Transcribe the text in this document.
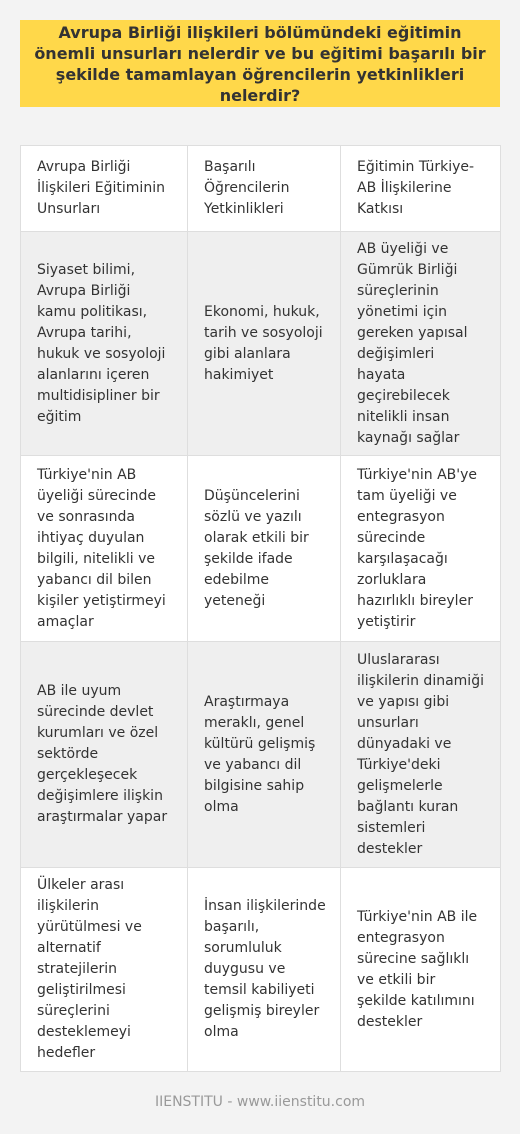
Avrupa Birliği ilişkileri bölümündeki eğitimin önemli unsurları nelerdir ve bu eğitimi başarılı bir şekilde tamamlayan öğrencilerin yetkinlikleri nelerdir?
Avrupa Birliği İlişkileri Eğitiminin Unsurları	Başarılı Öğrencilerin Yetkinlikleri	Eğitimin Türkiye-AB İlişkilerine Katkısı
Siyaset bilimi, Avrupa Birliği kamu politikası, Avrupa tarihi, hukuk ve sosyoloji alanlarını içeren multidisipliner bir eğitim	Ekonomi, hukuk, tarih ve sosyoloji gibi alanlara hakimiyet	AB üyeliği ve Gümrük Birliği süreçlerinin yönetimi için gereken yapısal değişimleri hayata geçirebilecek nitelikli insan kaynağı sağlar
Türkiye'nin AB üyeliği sürecinde ve sonrasında ihtiyaç duyulan bilgili, nitelikli ve yabancı dil bilen kişiler yetiştirmeyi amaçlar	Düşüncelerini sözlü ve yazılı olarak etkili bir şekilde ifade edebilme yeteneği	Türkiye'nin AB'ye tam üyeliği ve entegrasyon sürecinde karşılaşacağı zorluklara hazırlıklı bireyler yetiştirir
AB ile uyum sürecinde devlet kurumları ve özel sektörde gerçekleşecek değişimlere ilişkin araştırmalar yapar	Araştırmaya meraklı, genel kültürü gelişmiş ve yabancı dil bilgisine sahip olma	Uluslararası ilişkilerin dinamiği ve yapısı gibi unsurları dünyadaki ve Türkiye'deki gelişmelerle bağlantı kuran sistemleri destekler
Ülkeler arası ilişkilerin yürütülmesi ve alternatif stratejilerin geliştirilmesi süreçlerini desteklemeyi hedefler	İnsan ilişkilerinde başarılı, sorumluluk duygusu ve temsil kabiliyeti gelişmiş bireyler olma	Türkiye'nin AB ile entegrasyon sürecine sağlıklı ve etkili bir şekilde katılımını destekler
IIENSTITU - www.iienstitu.com
